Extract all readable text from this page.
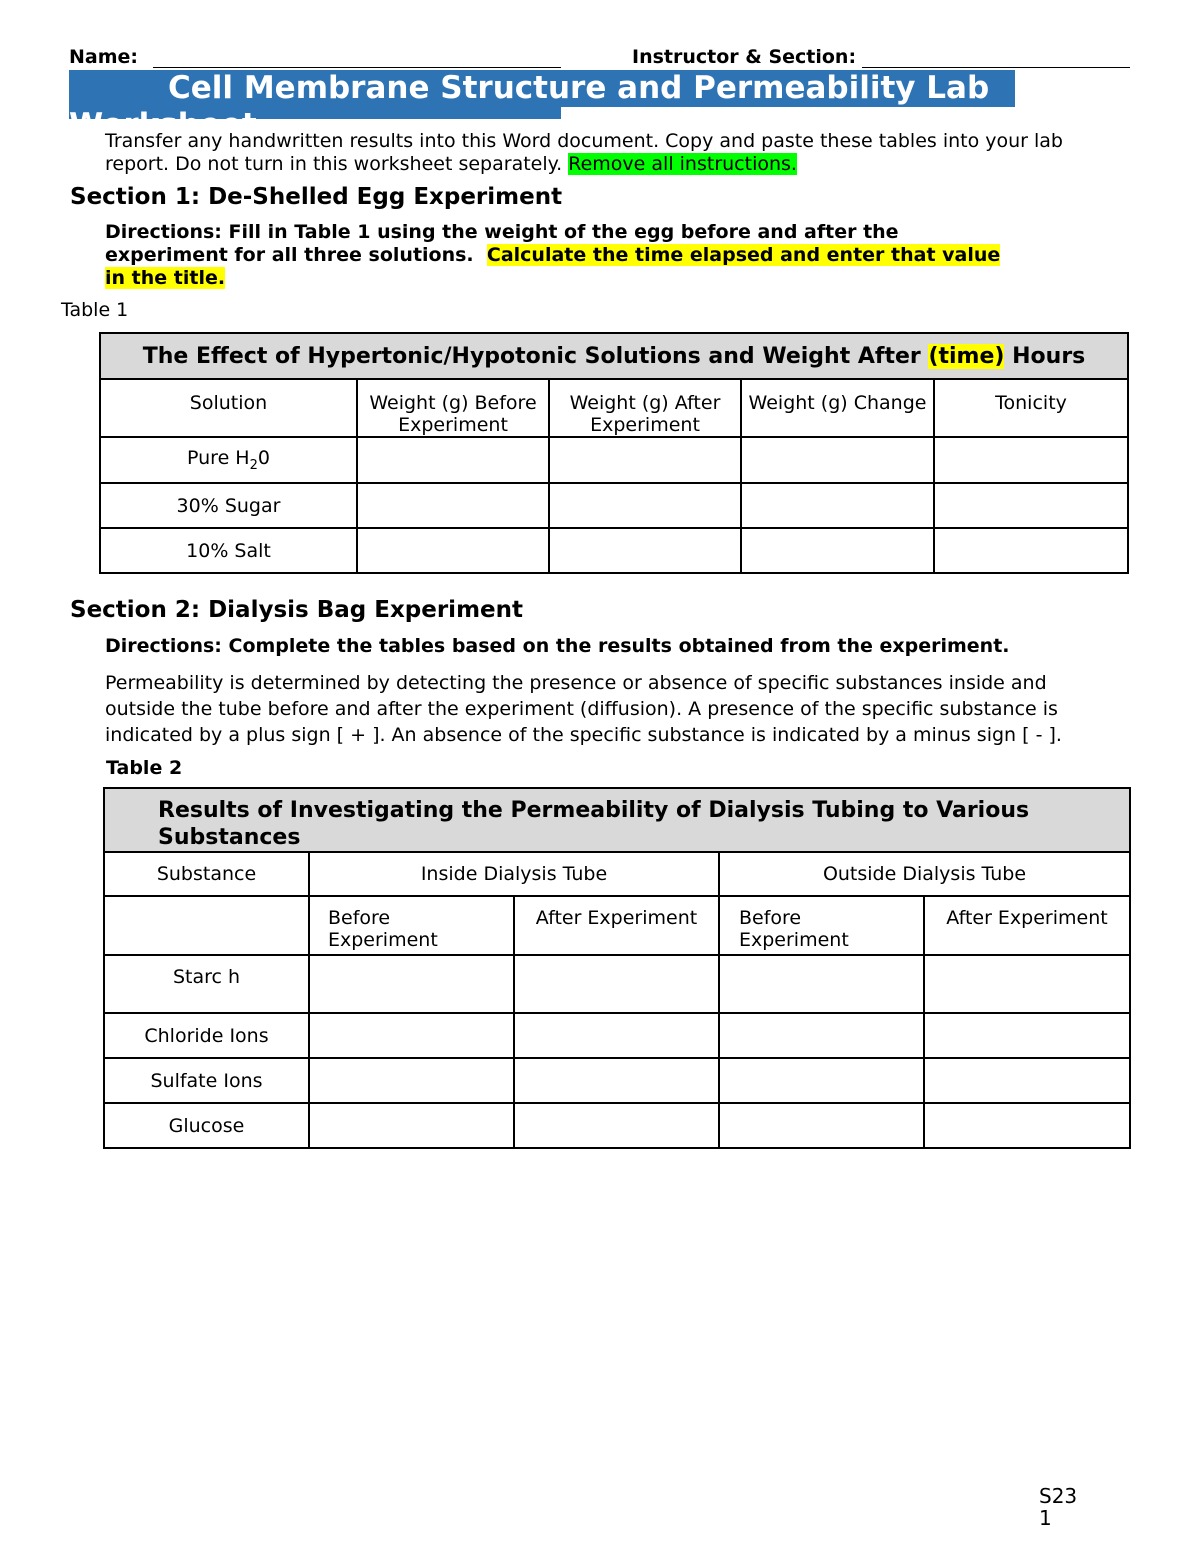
Name:	Instructor & Section:
Cell Membrane Structure and Permeability Lab
Worksheet
Transfer any handwritten results into this Word document. Copy and paste these tables into your lab report. Do not turn in this worksheet separately. Remove all instructions.
Section 1: De-Shelled Egg Experiment
Directions: Fill in Table 1 using the weight of the egg before and after the
experiment for all three solutions. Calculate the time elapsed and enter that value
in the title.
Table 1
The Effect of Hypertonic/Hypotonic Solutions and Weight After (time) Hours				
Solution	Weight (g) Before Experiment	Weight (g) After Experiment	Weight (g) Change	Tonicity
Pure $H_20$				
30% Sugar				
10% Salt				
Section 2: Dialysis Bag Experiment
Directions: Complete the tables based on the results obtained from the experiment.
Permeability is determined by detecting the presence or absence of specific substances inside and
outside the tube before and after the experiment (diffusion). A presence of the specific substance is
indicated by a plus sign [ + ]. An absence of the specific substance is indicated by a minus sign [ - ].
Table 2
Results of Investigating the Permeability of Dialysis Tubing to Various
Substances				

Substance	Inside Dialysis Tube		Outside Dialysis Tube	
	Before Experiment	After Experiment	Before Experiment	After Experiment
Starc h				
Chloride Ions				
Sulfate Ions				
Glucose				
S23
1
